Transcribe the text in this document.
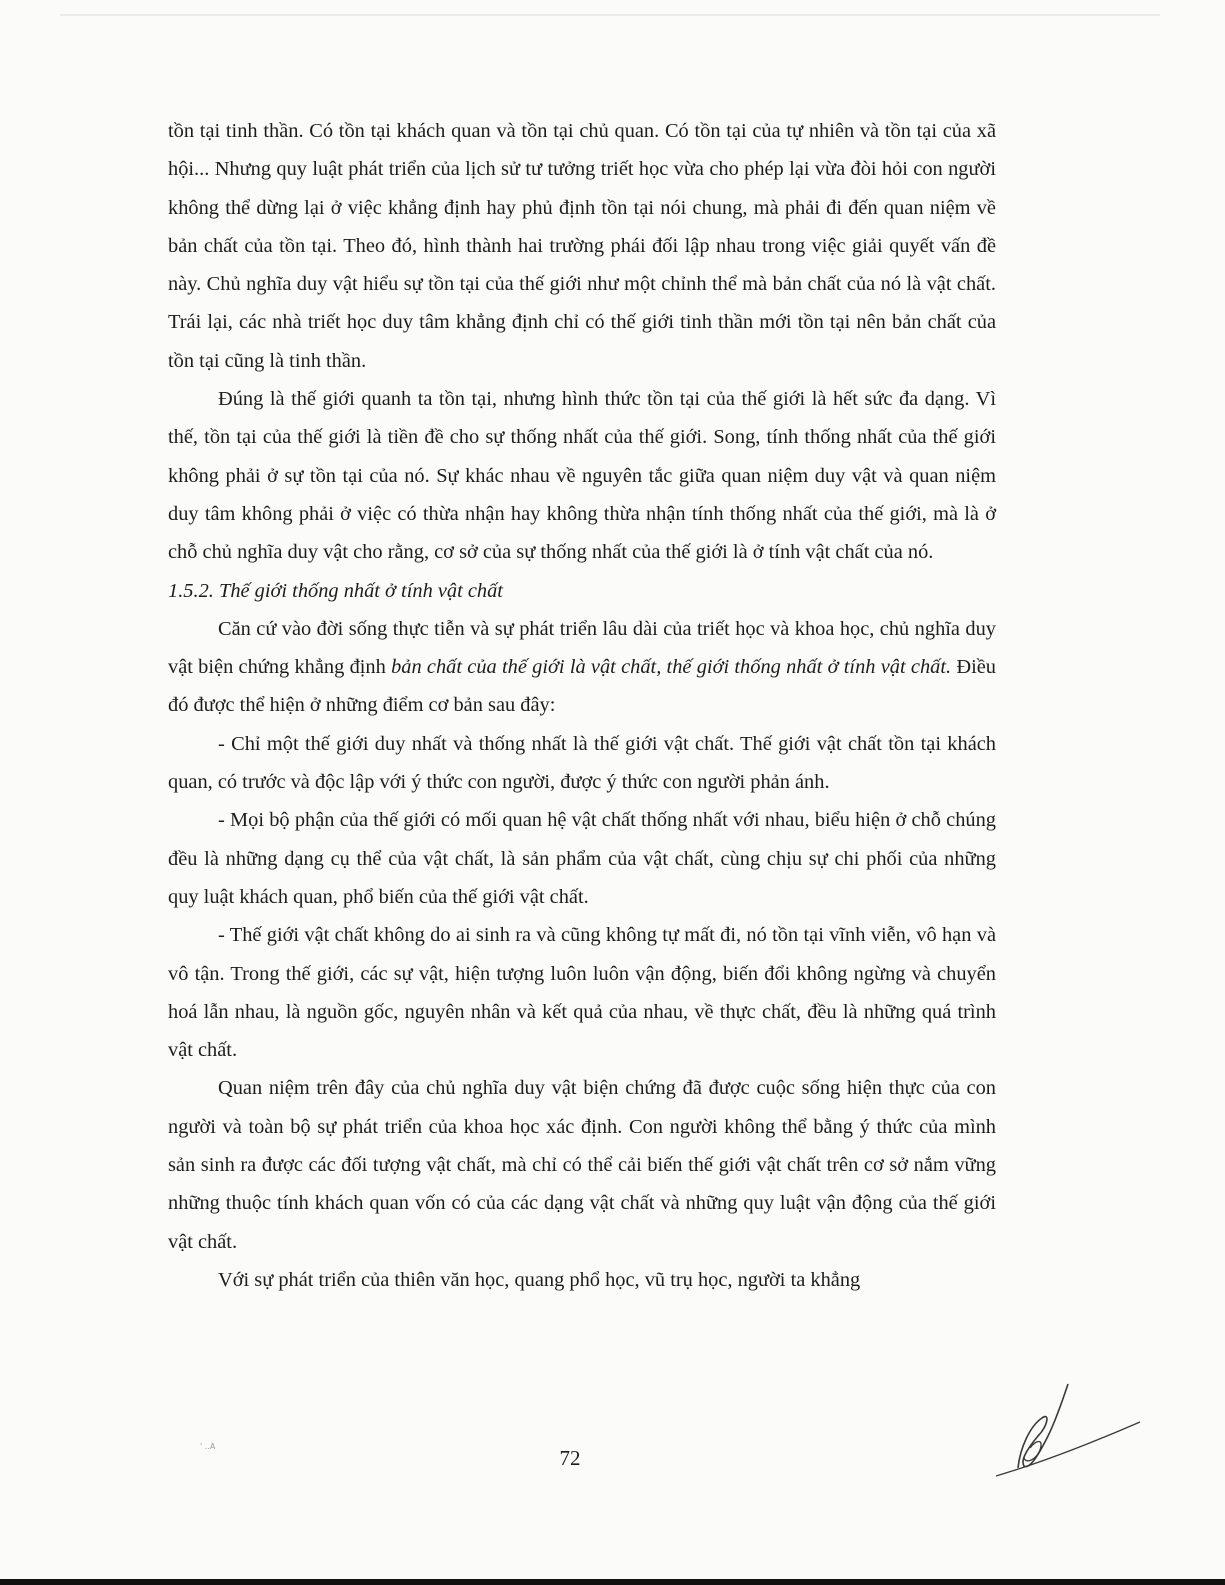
tồn tại tinh thần. Có tồn tại khách quan và tồn tại chủ quan. Có tồn tại của tự nhiên và tồn tại của xã hội... Nhưng quy luật phát triển của lịch sử tư tưởng triết học vừa cho phép lại vừa đòi hỏi con người không thể dừng lại ở việc khẳng định hay phủ định tồn tại nói chung, mà phải đi đến quan niệm về bản chất của tồn tại. Theo đó, hình thành hai trường phái đối lập nhau trong việc giải quyết vấn đề này. Chủ nghĩa duy vật hiểu sự tồn tại của thế giới như một chỉnh thể mà bản chất của nó là vật chất. Trái lại, các nhà triết học duy tâm khẳng định chỉ có thế giới tinh thần mới tồn tại nên bản chất của tồn tại cũng là tinh thần.

Đúng là thế giới quanh ta tồn tại, nhưng hình thức tồn tại của thế giới là hết sức đa dạng. Vì thế, tồn tại của thế giới là tiền đề cho sự thống nhất của thế giới. Song, tính thống nhất của thế giới không phải ở sự tồn tại của nó. Sự khác nhau về nguyên tắc giữa quan niệm duy vật và quan niệm duy tâm không phải ở việc có thừa nhận hay không thừa nhận tính thống nhất của thế giới, mà là ở chỗ chủ nghĩa duy vật cho rằng, cơ sở của sự thống nhất của thế giới là ở tính vật chất của nó.

1.5.2. Thế giới thống nhất ở tính vật chất

Căn cứ vào đời sống thực tiễn và sự phát triển lâu dài của triết học và khoa học, chủ nghĩa duy vật biện chứng khẳng định bản chất của thế giới là vật chất, thế giới thống nhất ở tính vật chất. Điều đó được thể hiện ở những điểm cơ bản sau đây:

- Chỉ một thế giới duy nhất và thống nhất là thế giới vật chất. Thế giới vật chất tồn tại khách quan, có trước và độc lập với ý thức con người, được ý thức con người phản ánh.

- Mọi bộ phận của thế giới có mối quan hệ vật chất thống nhất với nhau, biểu hiện ở chỗ chúng đều là những dạng cụ thể của vật chất, là sản phẩm của vật chất, cùng chịu sự chi phối của những quy luật khách quan, phổ biến của thế giới vật chất.

- Thế giới vật chất không do ai sinh ra và cũng không tự mất đi, nó tồn tại vĩnh viễn, vô hạn và vô tận. Trong thế giới, các sự vật, hiện tượng luôn luôn vận động, biến đổi không ngừng và chuyển hoá lẫn nhau, là nguồn gốc, nguyên nhân và kết quả của nhau, về thực chất, đều là những quá trình vật chất.

Quan niệm trên đây của chủ nghĩa duy vật biện chứng đã được cuộc sống hiện thực của con người và toàn bộ sự phát triển của khoa học xác định. Con người không thể bằng ý thức của mình sản sinh ra được các đối tượng vật chất, mà chỉ có thể cải biến thế giới vật chất trên cơ sở nắm vững những thuộc tính khách quan vốn có của các dạng vật chất và những quy luật vận động của thế giới vật chất.

Với sự phát triển của thiên văn học, quang phổ học, vũ trụ học, người ta khẳng

' ..A	72
